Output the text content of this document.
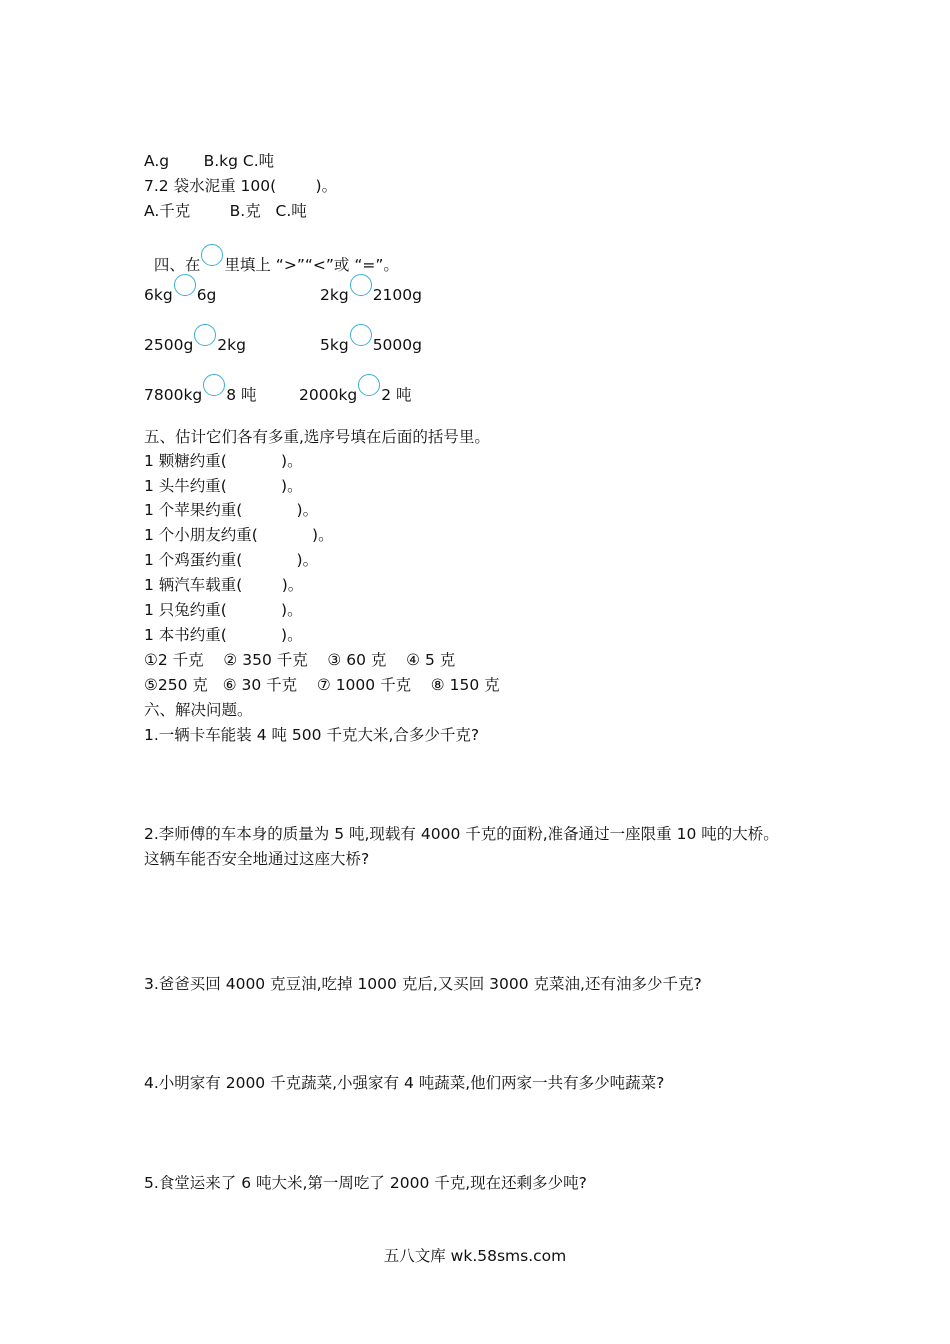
A.g       B.kg C.吨
7.2 袋水泥重 100(        )。
A.千克        B.克   C.吨

四、在 里填上 “>”“<”或 “=”。

6kg 6g	2kg 2100g
2500g 2kg	5kg 5000g
7800kg 8 吨	2000kg 2 吨
五、估计它们各有多重,选序号填在后面的括号里。
1 颗糖约重(           )。
1 头牛约重(           )。
1 个苹果约重(           )。
1 个小朋友约重(           )。
1 个鸡蛋约重(           )。
1 辆汽车载重(        )。
1 只兔约重(           )。
1 本书约重(           )。
①2 千克    ② 350 千克    ③ 60 克    ④ 5 克
⑤250 克   ⑥ 30 千克    ⑦ 1000 千克    ⑧ 150 克
六、解决问题。
1.一辆卡车能装 4 吨 500 千克大米,合多少千克?
2.李师傅的车本身的质量为 5 吨,现载有 4000 千克的面粉,准备通过一座限重 10 吨的大桥。
这辆车能否安全地通过这座大桥?
3.爸爸买回 4000 克豆油,吃掉 1000 克后,又买回 3000 克菜油,还有油多少千克?
4.小明家有 2000 千克蔬菜,小强家有 4 吨蔬菜,他们两家一共有多少吨蔬菜?
5.食堂运来了 6 吨大米,第一周吃了 2000 千克,现在还剩多少吨?
五八文库 wk.58sms.com
